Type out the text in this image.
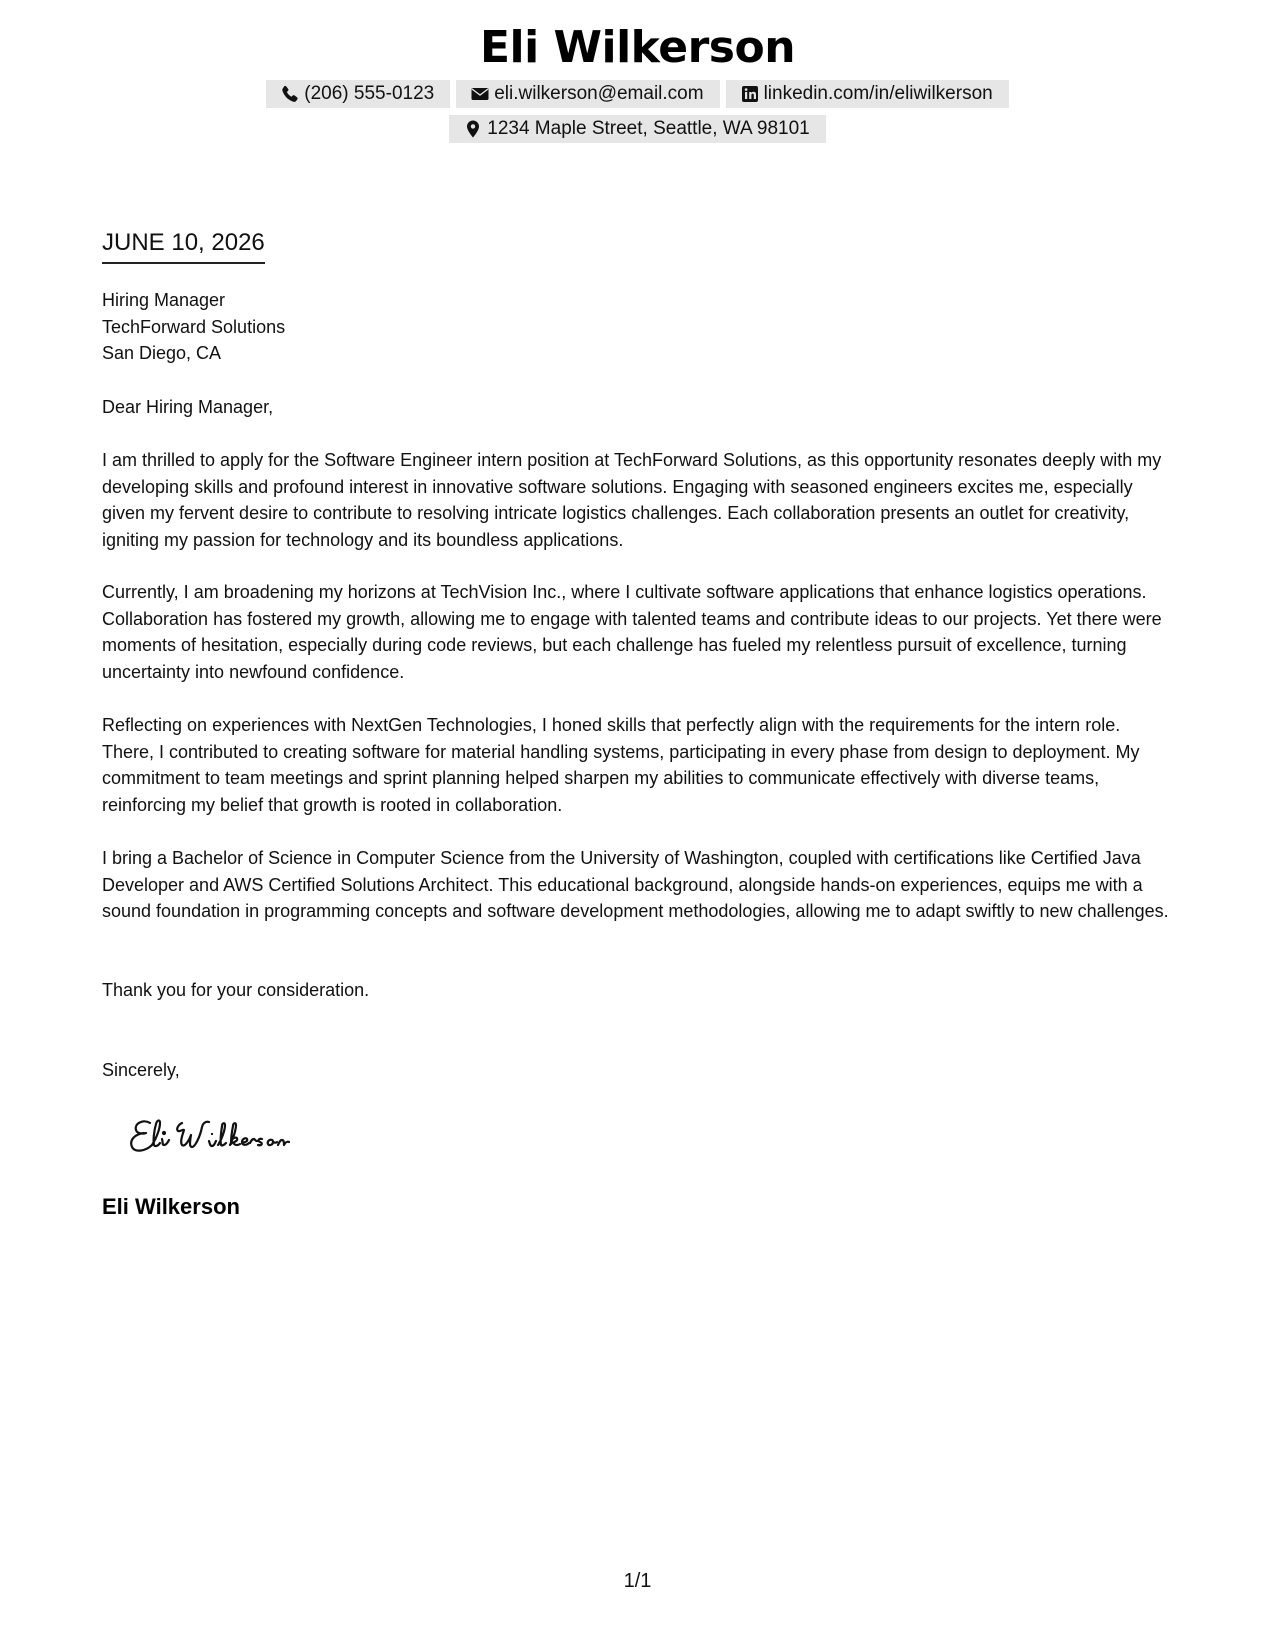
Eli Wilkerson
(206) 555-0123	eli.wilkerson@email.com	linkedin.com/in/eliwilkerson
1234 Maple Street, Seattle, WA 98101
JUNE 10, 2026
Hiring Manager
TechForward Solutions
San Diego, CA
Dear Hiring Manager,
I am thrilled to apply for the Software Engineer intern position at TechForward Solutions, as this opportunity resonates deeply with my developing skills and profound interest in innovative software solutions. Engaging with seasoned engineers excites me, especially given my fervent desire to contribute to resolving intricate logistics challenges. Each collaboration presents an outlet for creativity, igniting my passion for technology and its boundless applications.
Currently, I am broadening my horizons at TechVision Inc., where I cultivate software applications that enhance logistics operations. Collaboration has fostered my growth, allowing me to engage with talented teams and contribute ideas to our projects. Yet there were moments of hesitation, especially during code reviews, but each challenge has fueled my relentless pursuit of excellence, turning uncertainty into newfound confidence.
Reflecting on experiences with NextGen Technologies, I honed skills that perfectly align with the requirements for the intern role. There, I contributed to creating software for material handling systems, participating in every phase from design to deployment. My commitment to team meetings and sprint planning helped sharpen my abilities to communicate effectively with diverse teams, reinforcing my belief that growth is rooted in collaboration.
I bring a Bachelor of Science in Computer Science from the University of Washington, coupled with certifications like Certified Java Developer and AWS Certified Solutions Architect. This educational background, alongside hands-on experiences, equips me with a sound foundation in programming concepts and software development methodologies, allowing me to adapt swiftly to new challenges.
Thank you for your consideration.
Sincerely,
Eli Wilkerson
1/1
